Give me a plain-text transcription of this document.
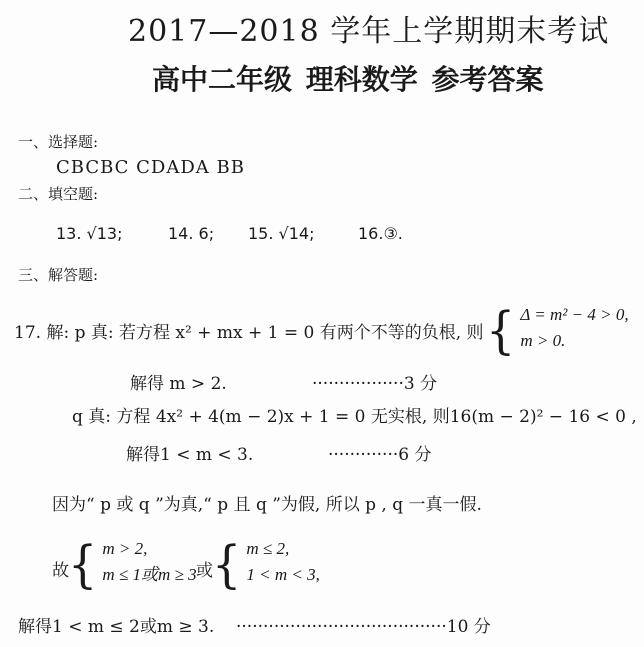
2017—2018 学年上学期期末考试
高中二年级 理科数学 参考答案
一、选择题:
CBCBC CDADA BB
二、填空题:
13. √13;	14. 6; 15. √14;	16.③.
三、解答题:
17. 解: p 真: 若方程 x² + mx + 1 = 0 有两个不等的负根, 则 { Δ = m² − 4 > 0,
m > 0.
解得 m > 2.	·················3 分
q 真: 方程 4x² + 4(m − 2)x + 1 = 0 无实根, 则16(m − 2)² − 16 < 0 ,
解得1 < m < 3.	·············6 分
因为“ p 或 q ”为真,“ p 且 q ”为假, 所以 p , q 一真一假.
故 { m > 2,
m ≤ 1或m ≥ 3 或 { m ≤ 2,
1 < m < 3,
解得1 < m ≤ 2或m ≥ 3. ·······································10 分
